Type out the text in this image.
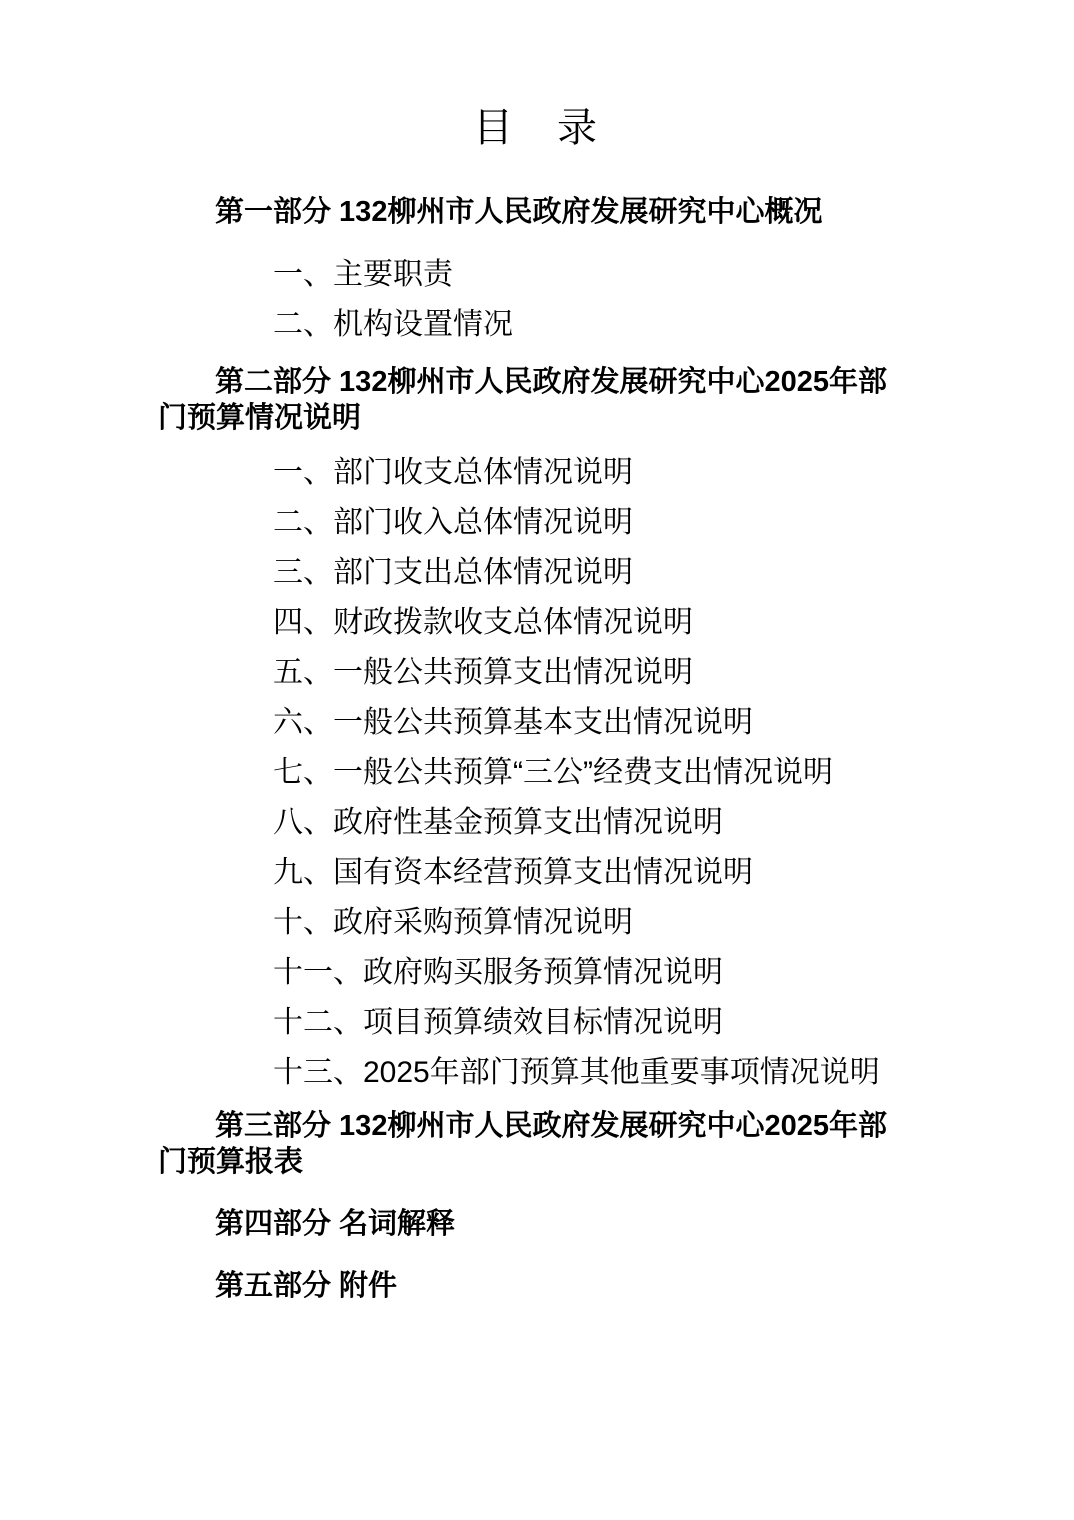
目　录
第一部分 132柳州市人民政府发展研究中心概况
一、主要职责
二、机构设置情况
第二部分 132柳州市人民政府发展研究中心2025年部门预算情况说明
一、部门收支总体情况说明
二、部门收入总体情况说明
三、部门支出总体情况说明
四、财政拨款收支总体情况说明
五、一般公共预算支出情况说明
六、一般公共预算基本支出情况说明
七、一般公共预算“三公”经费支出情况说明
八、政府性基金预算支出情况说明
九、国有资本经营预算支出情况说明
十、政府采购预算情况说明
十一、政府购买服务预算情况说明
十二、项目预算绩效目标情况说明
十三、2025年部门预算其他重要事项情况说明
第三部分 132柳州市人民政府发展研究中心2025年部门预算报表
第四部分 名词解释
第五部分 附件
